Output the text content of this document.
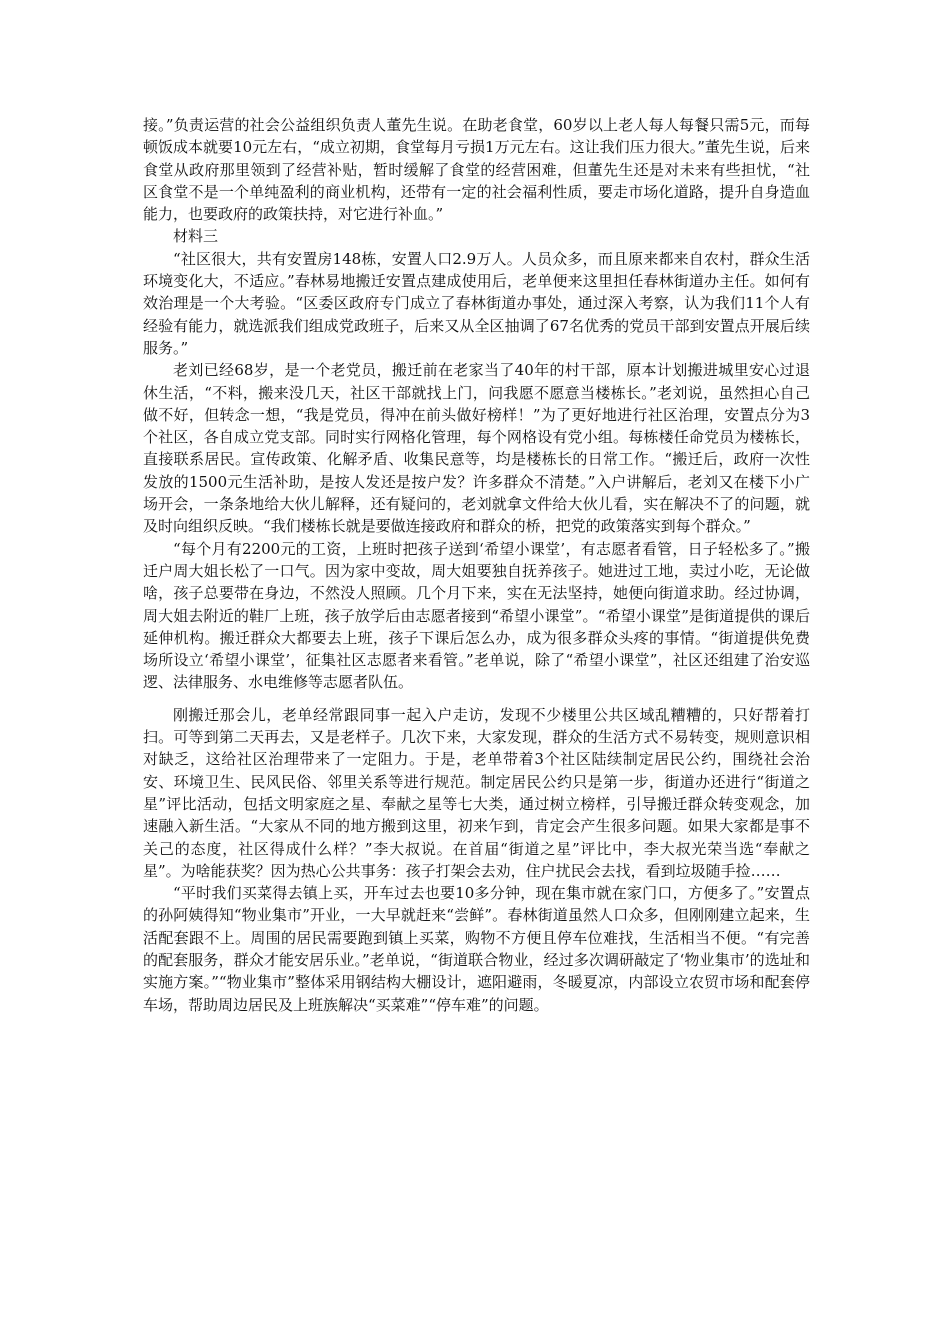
接。”负责运营的社会公益组织负责人董先生说。在助老食堂，60岁以上老人每人每餐只需5元，而每顿饭成本就要10元左右，“成立初期，食堂每月亏损1万元左右。这让我们压力很大。”董先生说，后来食堂从政府那里领到了经营补贴，暂时缓解了食堂的经营困难，但董先生还是对未来有些担忧，“社区食堂不是一个单纯盈利的商业机构，还带有一定的社会福利性质，要走市场化道路，提升自身造血能力，也要政府的政策扶持，对它进行补血。”

材料三

“社区很大，共有安置房148栋，安置人口2.9万人。人员众多，而且原来都来自农村，群众生活环境变化大，不适应。”春林易地搬迁安置点建成使用后，老单便来这里担任春林街道办主任。如何有效治理是一个大考验。“区委区政府专门成立了春林街道办事处，通过深入考察，认为我们11个人有经验有能力，就选派我们组成党政班子，后来又从全区抽调了67名优秀的党员干部到安置点开展后续服务。”

老刘已经68岁，是一个老党员，搬迁前在老家当了40年的村干部，原本计划搬进城里安心过退休生活，“不料，搬来没几天，社区干部就找上门，问我愿不愿意当楼栋长。”老刘说，虽然担心自己做不好，但转念一想，“我是党员，得冲在前头做好榜样！”为了更好地进行社区治理，安置点分为3个社区，各自成立党支部。同时实行网格化管理，每个网格设有党小组。每栋楼任命党员为楼栋长，直接联系居民。宣传政策、化解矛盾、收集民意等，均是楼栋长的日常工作。“搬迁后，政府一次性发放的1500元生活补助，是按人发还是按户发？许多群众不清楚。”入户讲解后，老刘又在楼下小广场开会，一条条地给大伙儿解释，还有疑问的，老刘就拿文件给大伙儿看，实在解决不了的问题，就及时向组织反映。“我们楼栋长就是要做连接政府和群众的桥，把党的政策落实到每个群众。”

“每个月有2200元的工资，上班时把孩子送到‘希望小课堂’，有志愿者看管，日子轻松多了。”搬迁户周大姐长松了一口气。因为家中变故，周大姐要独自抚养孩子。她进过工地，卖过小吃，无论做啥，孩子总要带在身边，不然没人照顾。几个月下来，实在无法坚持，她便向街道求助。经过协调，周大姐去附近的鞋厂上班，孩子放学后由志愿者接到“希望小课堂”。“希望小课堂”是街道提供的课后延伸机构。搬迁群众大都要去上班，孩子下课后怎么办，成为很多群众头疼的事情。“街道提供免费场所设立‘希望小课堂’，征集社区志愿者来看管。”老单说，除了“希望小课堂”，社区还组建了治安巡逻、法律服务、水电维修等志愿者队伍。

刚搬迁那会儿，老单经常跟同事一起入户走访，发现不少楼里公共区域乱糟糟的，只好帮着打扫。可等到第二天再去，又是老样子。几次下来，大家发现，群众的生活方式不易转变，规则意识相对缺乏，这给社区治理带来了一定阻力。于是，老单带着3个社区陆续制定居民公约，围绕社会治安、环境卫生、民风民俗、邻里关系等进行规范。制定居民公约只是第一步，街道办还进行“街道之星”评比活动，包括文明家庭之星、奉献之星等七大类，通过树立榜样，引导搬迁群众转变观念，加速融入新生活。“大家从不同的地方搬到这里，初来乍到，肯定会产生很多问题。如果大家都是事不关己的态度，社区得成什么样？”李大叔说。在首届“街道之星”评比中，李大叔光荣当选“奉献之星”。为啥能获奖？因为热心公共事务：孩子打架会去劝，住户扰民会去找，看到垃圾随手捡……

“平时我们买菜得去镇上买，开车过去也要10多分钟，现在集市就在家门口，方便多了。”安置点的孙阿姨得知“物业集市”开业，一大早就赶来“尝鲜”。春林街道虽然人口众多，但刚刚建立起来，生活配套跟不上。周围的居民需要跑到镇上买菜，购物不方便且停车位难找，生活相当不便。“有完善的配套服务，群众才能安居乐业。”老单说，“街道联合物业，经过多次调研敲定了‘物业集市’的选址和实施方案。”“物业集市”整体采用钢结构大棚设计，遮阳避雨，冬暖夏凉，内部设立农贸市场和配套停车场，帮助周边居民及上班族解决“买菜难”“停车难”的问题。
